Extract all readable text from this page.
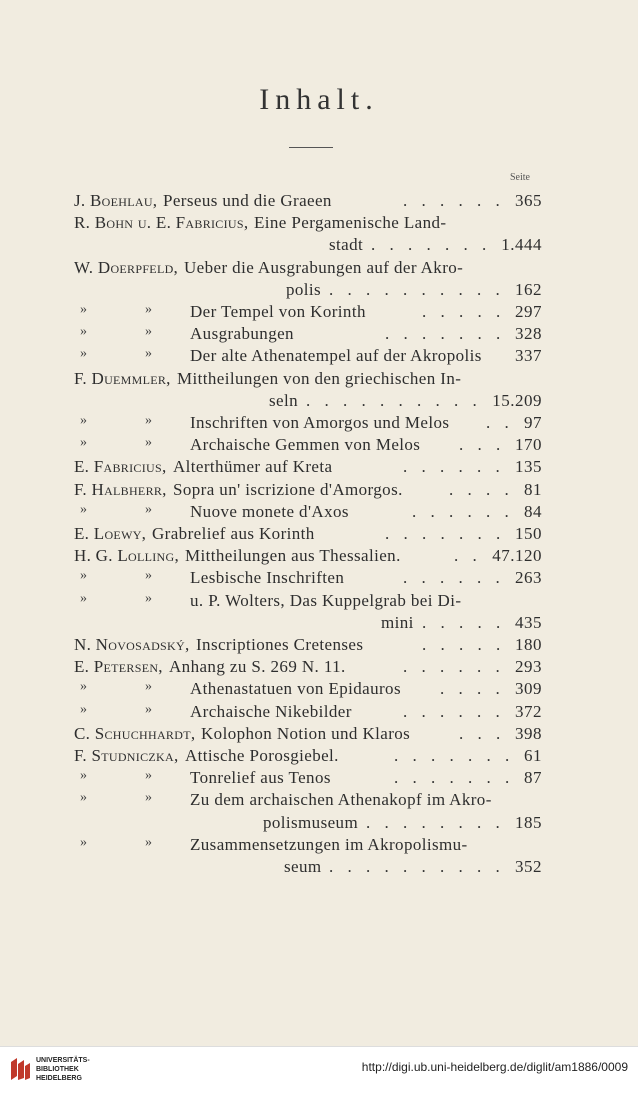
Inhalt.
Seite
J. Boehlau, Perseus und die Graeen	. . . . . . 365
R. Bohn u. E. Fabricius, Eine Pergamenische Land-
stadt . . . . . . . 1.444
W. Doerpfeld, Ueber die Ausgrabungen auf der Akro-
polis . . . . . . . . . . 162
»	» Der Tempel von Korinth	. . . . . 297
»	» Ausgrabungen	. . . . . . . 328
»	» Der alte Athenatempel auf der Akropolis 337
F. Duemmler, Mittheilungen von den griechischen In-
seln . . . . . . . . . . 15.209
»	» Inschriften von Amorgos und Melos . . 97
»	» Archaische Gemmen von Melos . . . 170
E. Fabricius, Alterthümer auf Kreta	. . . . . . 135
F. Halbherr, Sopra un' iscrizione d'Amorgos.	. . . . 81
»	» Nuove monete d'Axos	. . . . . . 84
E. Loewy, Grabrelief aus Korinth	. . . . . . . 150
H. G. Lolling, Mittheilungen aus Thessalien.	. . 47.120
»	» Lesbische Inschriften	. . . . . . 263
»	» u. P. Wolters, Das Kuppelgrab bei Di-
mini . . . . . 435
N. Novosadský, Inscriptiones Cretenses	. . . . . 180
E. Petersen, Anhang zu S. 269 N. 11.	. . . . . . 293
»	» Athenastatuen von Epidauros . . . . 309
»	» Archaische Nikebilder	. . . . . . 372
C. Schuchhardt, Kolophon Notion und Klaros	. . . 398
F. Studniczka, Attische Porosgiebel.	. . . . . . . 61
»	» Tonrelief aus Tenos	. . . . . . . 87
»	» Zu dem archaischen Athenakopf im Akro-
polismuseum . . . . . . . . 185
»	» Zusammensetzungen im Akropolismu-
seum . . . . . . . . . . 352
UNIVERSITÄTS-
BIBLIOTHEK
HEIDELBERG
http://digi.ub.uni-heidelberg.de/diglit/am1886/0009
